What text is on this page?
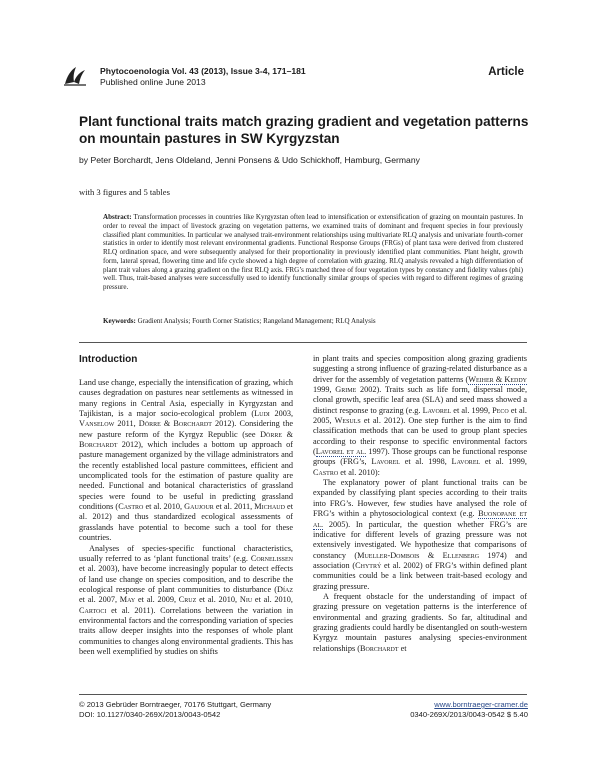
Phytocoenologia Vol. 43 (2013), Issue 3-4, 171–181
Published online June 2013
Article
Plant functional traits match grazing gradient and vegetation patterns on mountain pastures in SW Kyrgyzstan
by Peter Borchardt, Jens Oldeland, Jenni Ponsens & Udo Schickhoff, Hamburg, Germany
with 3 figures and 5 tables
Abstract: Transformation processes in countries like Kyrgyzstan often lead to intensification or extensification of grazing on mountain pastures. In order to reveal the impact of livestock grazing on vegetation patterns, we examined traits of dominant and frequent species in four previously classified plant communities. In particular we analysed trait-environment relationships using multivariate RLQ analysis and univariate fourth-corner statistics in order to identify most relevant environmental gradients. Functional Response Groups (FRGs) of plant taxa were derived from clustered RLQ ordination space, and were subsequently analysed for their proportionality in previously identified plant communities. Plant height, growth form, lateral spread, flowering time and life cycle showed a high degree of correlation with grazing. RLQ analysis revealed a high differentiation of plant trait values along a grazing gradient on the first RLQ axis. FRG’s matched three of four vegetation types by constancy and fidelity values (phi) well. Thus, trait-based analyses were successfully used to identify functionally similar groups of species with regard to different regimes of grazing pressure.
Keywords: Gradient Analysis; Fourth Corner Statistics; Rangeland Management; RLQ Analysis
Introduction

Land use change, especially the intensification of grazing, which causes degradation on pastures near settlements as witnessed in many regions in Central Asia, especially in Kyrgyzstan and Tajikistan, is a major socio-ecological problem (Ludi 2003, Vanselow 2011, Dörre & Borchardt 2012). Considering the new pasture reform of the Kyrgyz Republic (see Dörre & Borchardt 2012), which includes a bottom up approach of pasture management organized by the village administrators and the recently established local pasture committees, efficient and uncomplicated tools for the estimation of pasture quality are needed. Functional and botanical characteristics of grassland species were found to be useful in predicting grassland conditions (Castro et al. 2010, Gaujour et al. 2011, Michaud et al. 2012) and thus standardized ecological assessments of grasslands have potential to become such a tool for these countries.

Analyses of species-specific functional characteristics, usually referred to as ‘plant functional traits’ (e.g. Cornelissen et al. 2003), have become increasingly popular to detect effects of land use change on species composition, and to describe the ecological response of plant communities to disturbance (Díaz et al. 2007, May et al. 2009, Cruz et al. 2010, Niu et al. 2010, Cartoci et al. 2011). Correlations between the variation in environmental factors and the corresponding variation of species traits allow deeper insights into the responses of whole plant communities to changes along environmental gradients. This has been well exemplified by studies on shifts

in plant traits and species composition along grazing gradients suggesting a strong influence of grazing-related disturbance as a driver for the assembly of vegetation patterns (Weiher & Keddy 1999, Grime 2002). Traits such as life form, dispersal mode, clonal growth, specific leaf area (SLA) and seed mass showed a distinct response to grazing (e.g. Lavorel et al. 1999, Peco et al. 2005, Wesuls et al. 2012). One step further is the aim to find classification methods that can be used to group plant species according to their response to specific environmental factors (Lavorel et al. 1997). Those groups can be functional response groups (FRG’s, Lavorel et al. 1998, Lavorel et al. 1999, Castro et al. 2010):

The explanatory power of plant functional traits can be expanded by classifying plant species according to their traits into FRG’s. However, few studies have analysed the role of FRG’s within a phytosociological context (e.g. Buonopane et al. 2005). In particular, the question whether FRG’s are indicative for different levels of grazing pressure was not extensively investigated. We hypothesize that comparisons of constancy (Mueller-Dombois & Ellenberg 1974) and association (Chytrý et al. 2002) of FRG’s within defined plant communities could be a link between trait-based ecology and grazing pressure.

A frequent obstacle for the understanding of impact of grazing pressure on vegetation patterns is the interference of environmental and grazing gradients. So far, altitudinal and grazing gradients could hardly be disentangled on south-western Kyrgyz mountain pastures analysing species-environment relationships (Borchardt et

© 2013 Gebrüder Borntraeger, 70176 Stuttgart, Germany
DOI: 10.1127/0340-269X/2013/0043-0542
www.borntraeger-cramer.de
0340-269X/2013/0043-0542 $ 5.40
